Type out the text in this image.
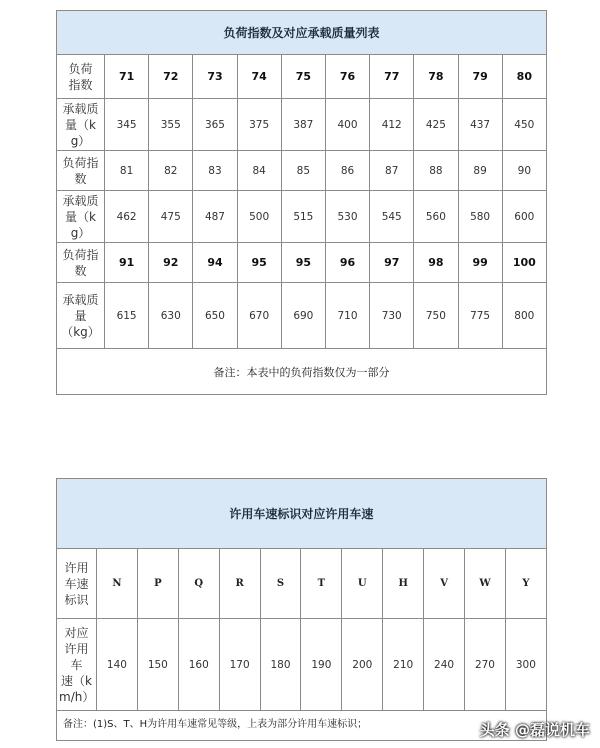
负荷指数及对应承载质量列表										
负荷
指数	71	72	73	74	75	76	77	78	79	80
承载质
量（k
g）	345	355	365	375	387	400	412	425	437	450
负荷指
数	81	82	83	84	85	86	87	88	89	90
承载质
量（k
g）	462	475	487	500	515	530	545	560	580	600
负荷指
数	91	92	94	95	95	96	97	98	99	100
承载质
量
（kg）	615	630	650	670	690	710	730	750	775	800
备注：本表中的负荷指数仅为一部分										
许用车速标识对应许用车速											
许用
车速
标识	N	P	Q	R	S	T	U	H	V	W	Y
对应
许用
车
速（k
m/h）	140	150	160	170	180	190	200	210	240	270	300
备注：(1)S、T、H为许用车速常见等级，上表为部分许用车速标识；												头条 @磊说机车
